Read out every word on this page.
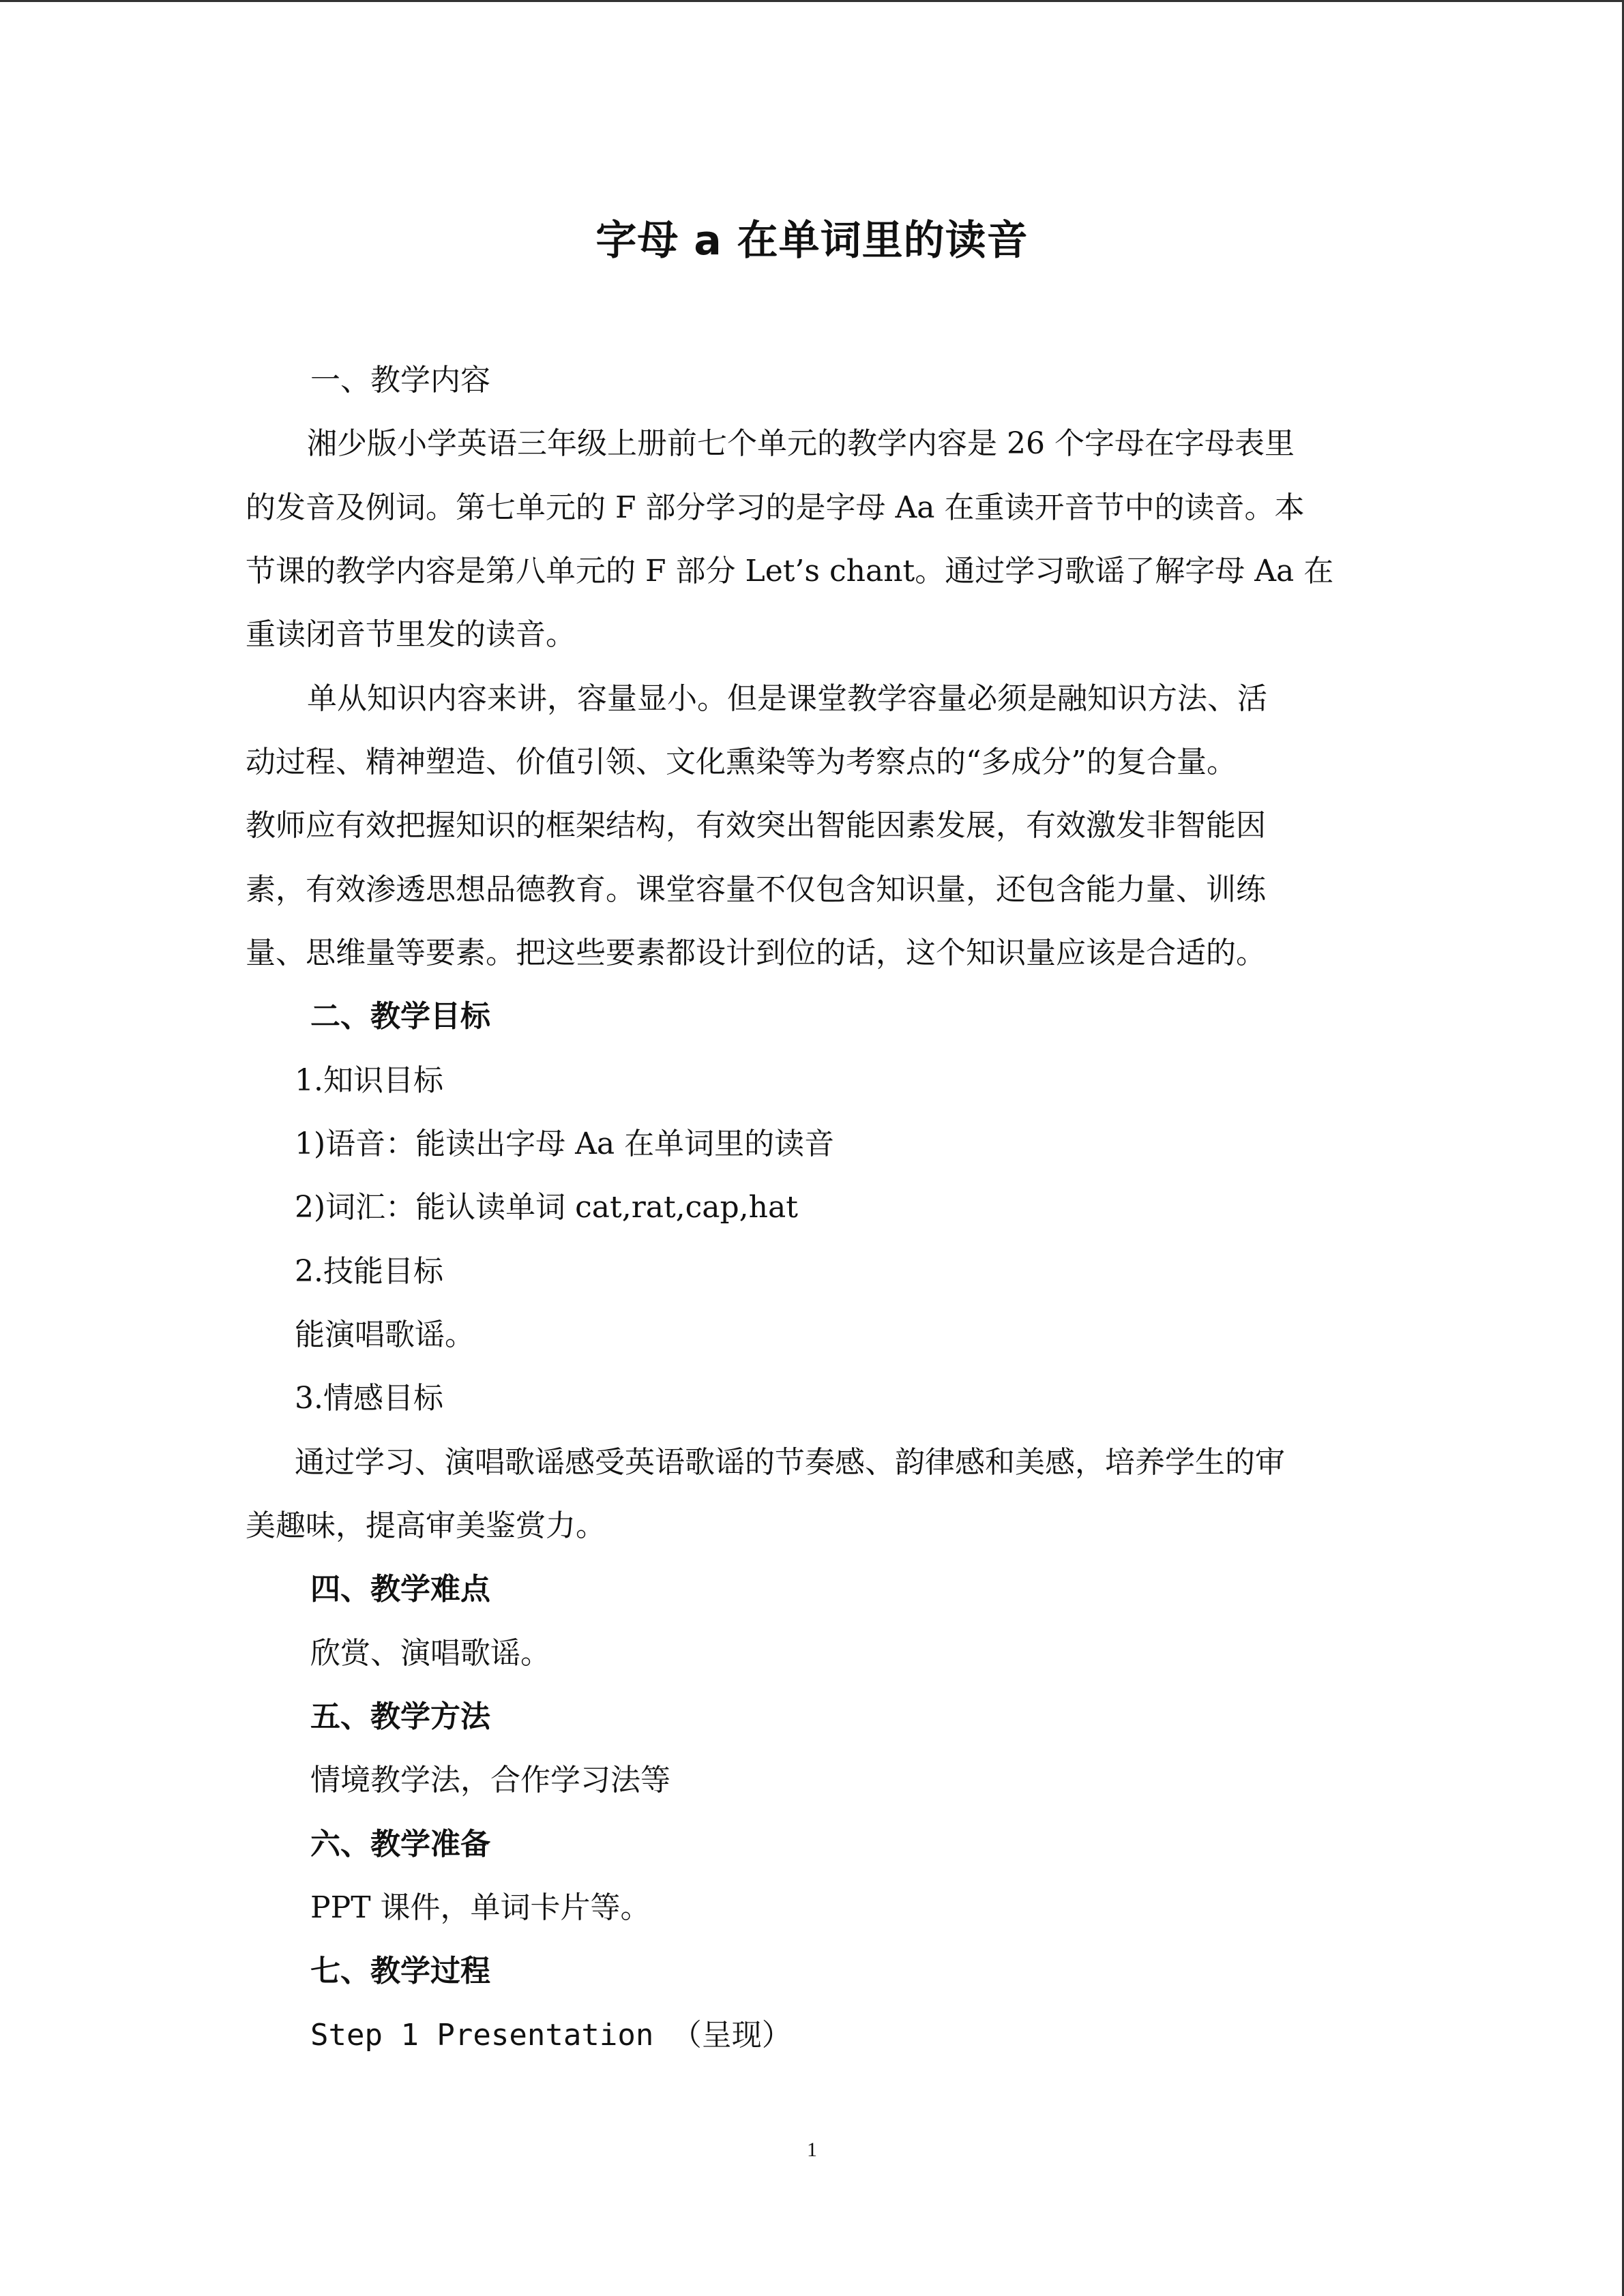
字母 a 在单词里的读音
一、教学内容
湘少版小学英语三年级上册前七个单元的教学内容是 26 个字母在字母表里
的发音及例词。第七单元的 F 部分学习的是字母 Aa 在重读开音节中的读音。本
节课的教学内容是第八单元的 F 部分 Let’s chant。通过学习歌谣了解字母 Aa 在
重读闭音节里发的读音。
单从知识内容来讲，容量显小。但是课堂教学容量必须是融知识方法、活
动过程、精神塑造、价值引领、文化熏染等为考察点的“多成分”的复合量。
教师应有效把握知识的框架结构，有效突出智能因素发展，有效激发非智能因
素，有效渗透思想品德教育。课堂容量不仅包含知识量，还包含能力量、训练
量、思维量等要素。把这些要素都设计到位的话，这个知识量应该是合适的。
二、教学目标
1.知识目标
1)语音：能读出字母 Aa 在单词里的读音
2)词汇：能认读单词 cat,rat,cap,hat
2.技能目标
能演唱歌谣。
3.情感目标
通过学习、演唱歌谣感受英语歌谣的节奏感、韵律感和美感，培养学生的审
美趣味，提高审美鉴赏力。
四、教学难点
欣赏、演唱歌谣。
五、教学方法
情境教学法，合作学习法等
六、教学准备
PPT 课件，单词卡片等。
七、教学过程
Step 1 Presentation （呈现）
1
